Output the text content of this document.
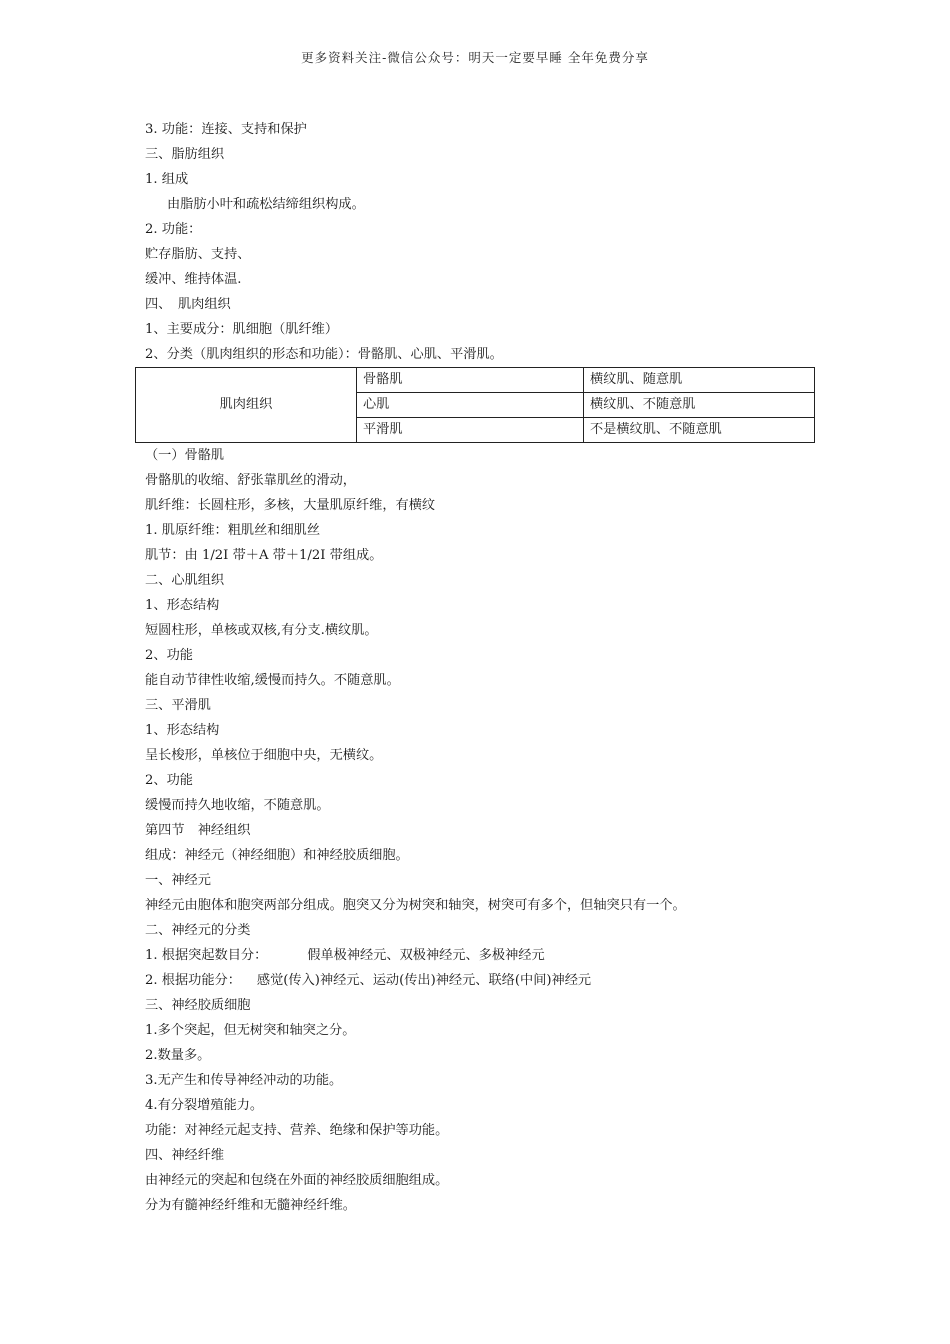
更多资料关注-微信公众号：明天一定要早睡 全年免费分享
3. 功能：连接、支持和保护
三、脂肪组织
1. 组成
由脂肪小叶和疏松结缔组织构成。
2. 功能：
贮存脂肪、支持、
缓冲、维持体温.
四、　肌肉组织
1、主要成分：肌细胞（肌纤维）
2、分类（肌肉组织的形态和功能）：骨骼肌、心肌、平滑肌。
肌肉组织	骨骼肌	横纹肌、随意肌
	心肌	横纹肌、不随意肌
	平滑肌	不是横纹肌、不随意肌
（一）骨骼肌
骨骼肌的收缩、舒张靠肌丝的滑动，
肌纤维：长圆柱形，多核，大量肌原纤维，有横纹
1. 肌原纤维：粗肌丝和细肌丝
肌节：由 1/2I 带＋A 带＋1/2I 带组成。
二、心肌组织
1、形态结构
短圆柱形，单核或双核,有分支.横纹肌。
2、功能
能自动节律性收缩,缓慢而持久。不随意肌。
三、平滑肌
1、形态结构
呈长梭形，单核位于细胞中央，无横纹。
2、功能
缓慢而持久地收缩，不随意肌。
第四节　神经组织
组成：神经元（神经细胞）和神经胶质细胞。
一、神经元
神经元由胞体和胞突两部分组成。胞突又分为树突和轴突，树突可有多个，但轴突只有一个。
二、神经元的分类
1. 根据突起数目分：	假单极神经元、双极神经元、多极神经元
2. 根据功能分： 感觉(传入)神经元、运动(传出)神经元、联络(中间)神经元
三、神经胶质细胞
1.多个突起，但无树突和轴突之分。
2.数量多。
3.无产生和传导神经冲动的功能。
4.有分裂增殖能力。
功能：对神经元起支持、营养、绝缘和保护等功能。
四、神经纤维
由神经元的突起和包绕在外面的神经胶质细胞组成。
分为有髓神经纤维和无髓神经纤维。
